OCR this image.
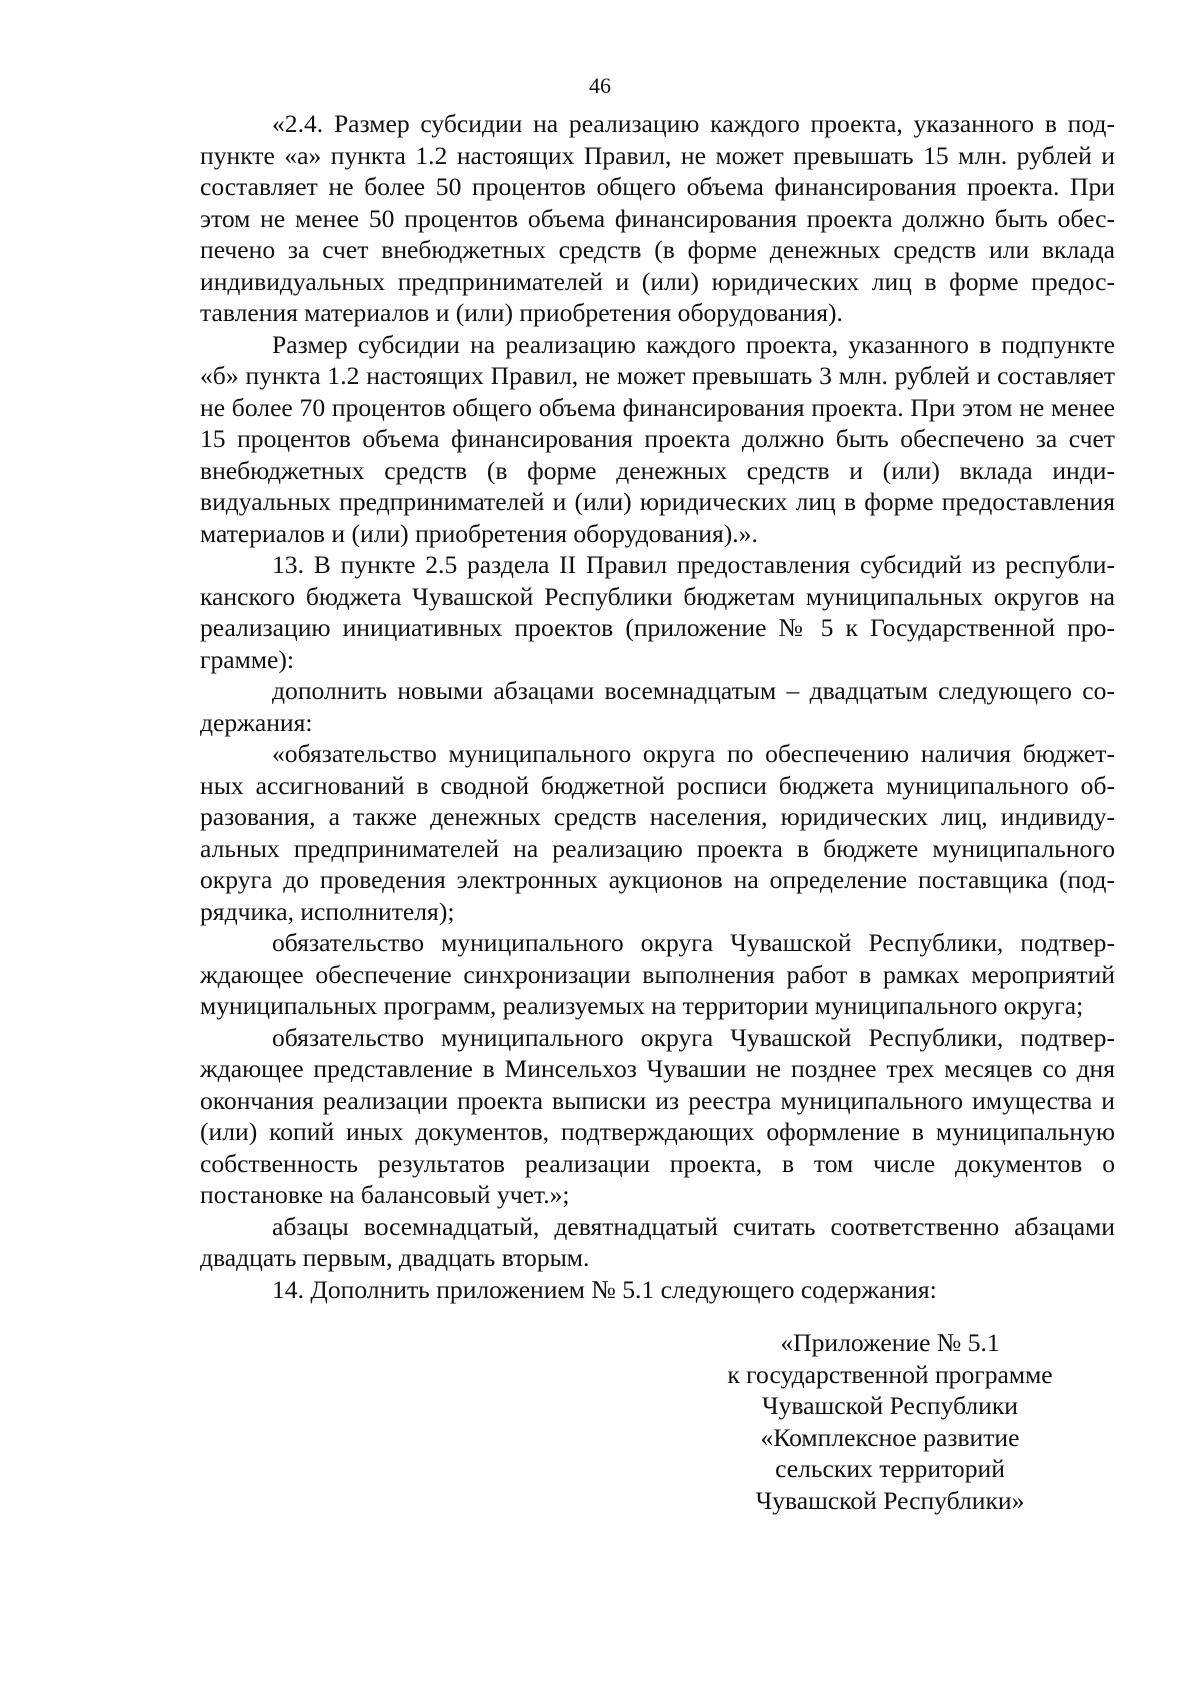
46

«2.4. Размер субсидии на реализацию каждого проекта, указанного в подпункте «а» пункта 1.2 настоящих Правил, не может превышать 15 млн. рублей и составляет не более 50 процентов общего объема финансирования проекта. При этом не менее 50 процентов объема финансирования проекта должно быть обеспечено за счет внебюджетных средств (в форме денежных средств или вклада индивидуальных предпринимателей и (или) юридических лиц в форме предоставления материалов и (или) приобретения оборудования).

Размер субсидии на реализацию каждого проекта, указанного в подпункте «б» пункта 1.2 настоящих Правил, не может превышать 3 млн. рублей и составляет не более 70 процентов общего объема финансирования проекта. При этом не менее 15 процентов объема финансирования проекта должно быть обеспечено за счет внебюджетных средств (в форме денежных средств и (или) вклада индивидуальных предпринимателей и (или) юридических лиц в форме предоставления материалов и (или) приобретения оборудования).».

13. В пункте 2.5 раздела II Правил предоставления субсидий из республиканского бюджета Чувашской Республики бюджетам муниципальных округов на реализацию инициативных проектов (приложение № 5 к Государственной программе):

дополнить новыми абзацами восемнадцатым – двадцатым следующего содержания:

«обязательство муниципального округа по обеспечению наличия бюджетных ассигнований в сводной бюджетной росписи бюджета муниципального образования, а также денежных средств населения, юридических лиц, индивидуальных предпринимателей на реализацию проекта в бюджете муниципального округа до проведения электронных аукционов на определение поставщика (подрядчика, исполнителя);

обязательство муниципального округа Чувашской Республики, подтверждающее обеспечение синхронизации выполнения работ в рамках мероприятий муниципальных программ, реализуемых на территории муниципального округа;

обязательство муниципального округа Чувашской Республики, подтверждающее представление в Минсельхоз Чувашии не позднее трех месяцев со дня окончания реализации проекта выписки из реестра муниципального имущества и (или) копий иных документов, подтверждающих оформление в муниципальную собственность результатов реализации проекта, в том числе документов о постановке на балансовый учет.»;

абзацы восемнадцатый, девятнадцатый считать соответственно абзацами двадцать первым, двадцать вторым.

14. Дополнить приложением № 5.1 следующего содержания:

«Приложение № 5.1
к государственной программе
Чувашской Республики
«Комплексное развитие
сельских территорий
Чувашской Республики»
